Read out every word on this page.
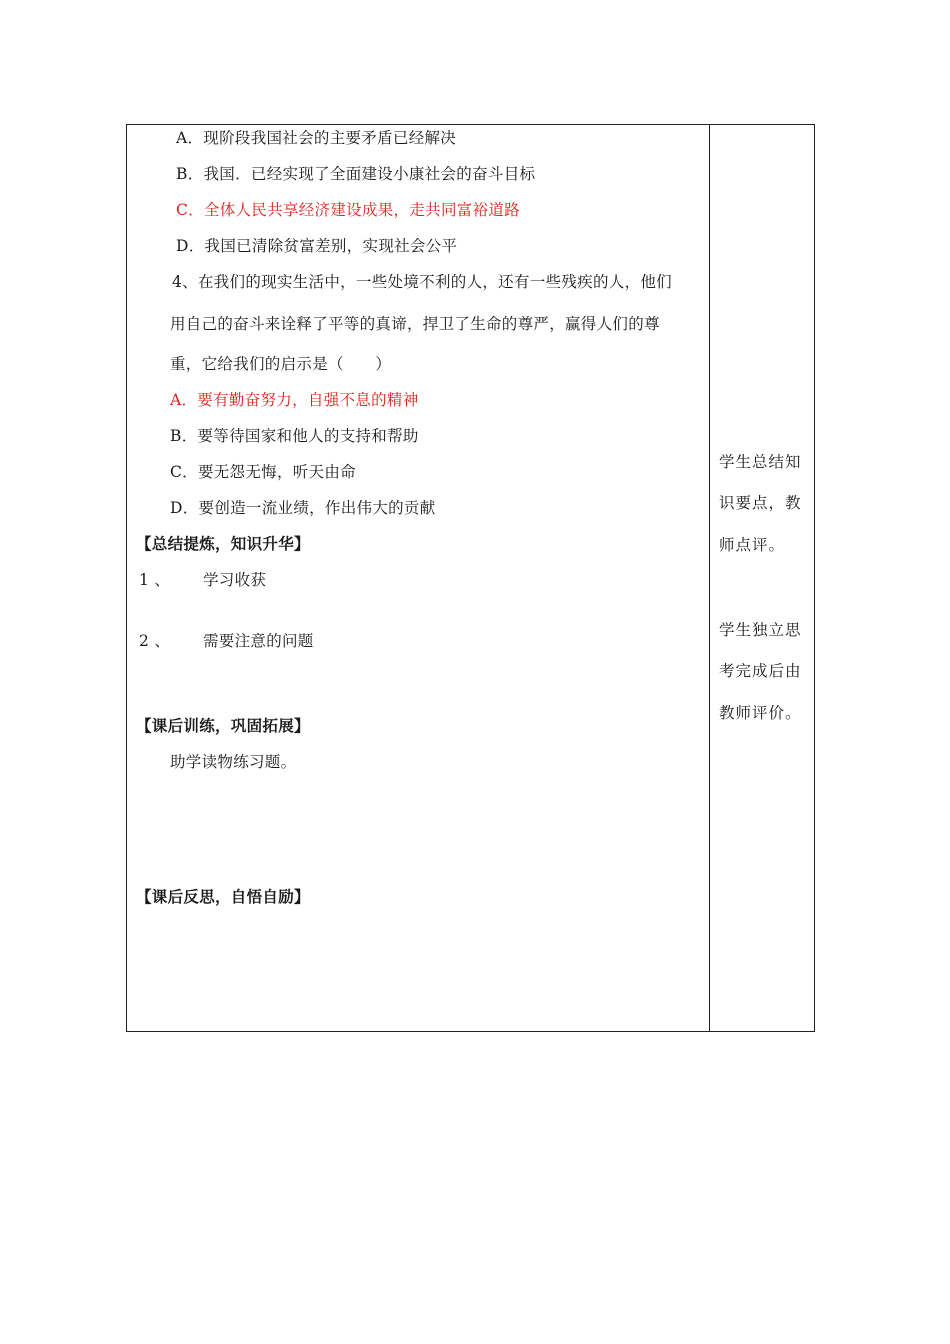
A．现阶段我国社会的主要矛盾已经解决
B．我国．已经实现了全面建设小康社会的奋斗目标
C．全体人民共享经济建设成果，走共同富裕道路
D．我国已清除贫富差别，实现社会公平
4、在我们的现实生活中，一些处境不利的人，还有一些残疾的人，他们
用自己的奋斗来诠释了平等的真谛，捍卫了生命的尊严，赢得人们的尊
重，它给我们的启示是（　　）
A．要有勤奋努力，自强不息的精神
B．要等待国家和他人的支持和帮助
C．要无怨无悔，听天由命
D．要创造一流业绩，作出伟大的贡献
【总结提炼，知识升华】
1 、 学习收获
2 、 需要注意的问题
【课后训练，巩固拓展】
助学读物练习题。
【课后反思，自悟自励】
学生总结知
识要点，教
师点评。
学生独立思
考完成后由
教师评价。
